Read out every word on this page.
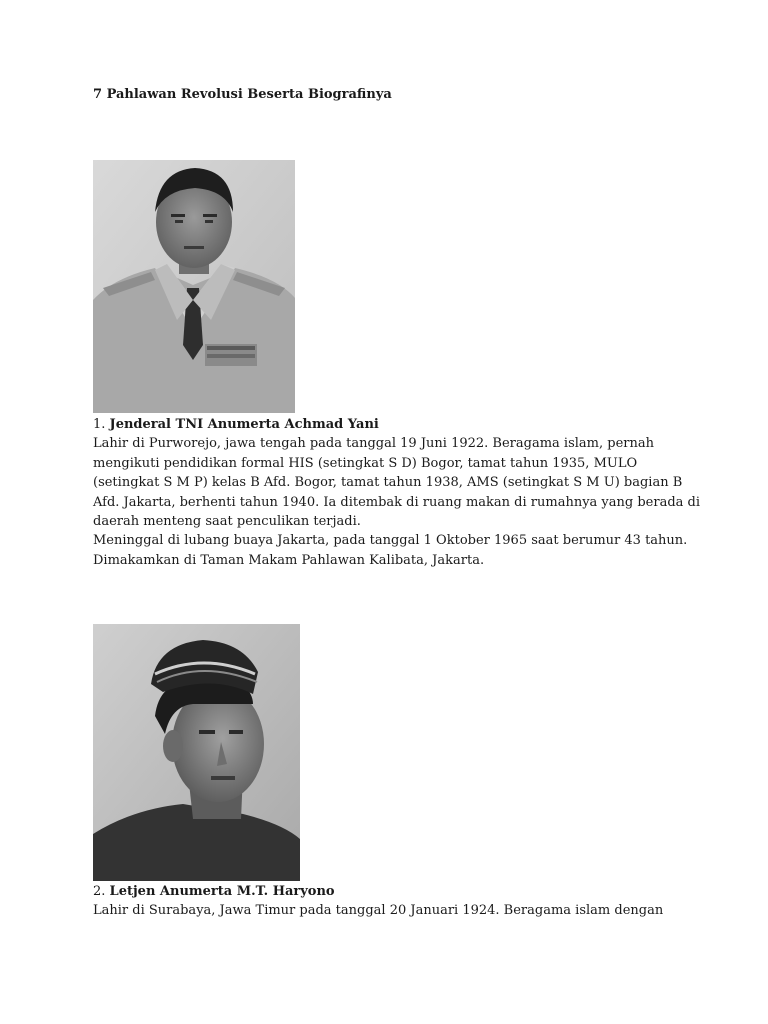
7 Pahlawan Revolusi Beserta Biografinya

1. Jenderal TNI Anumerta Achmad Yani

Lahir di Purworejo, jawa tengah pada tanggal 19 Juni 1922. Beragama islam, pernah

mengikuti pendidikan formal HIS (setingkat S D) Bogor, tamat tahun 1935, MULO

(setingkat S M P) kelas B Afd. Bogor, tamat tahun 1938, AMS (setingkat S M U) bagian B

Afd. Jakarta, berhenti tahun 1940. Ia ditembak di ruang makan di rumahnya yang berada di

daerah menteng saat penculikan terjadi.

Meninggal di lubang buaya Jakarta, pada tanggal 1 Oktober 1965 saat berumur 43 tahun.

Dimakamkan di Taman Makam Pahlawan Kalibata, Jakarta.

2. Letjen Anumerta M.T. Haryono

Lahir di Surabaya, Jawa Timur pada tanggal 20 Januari 1924. Beragama islam dengan
